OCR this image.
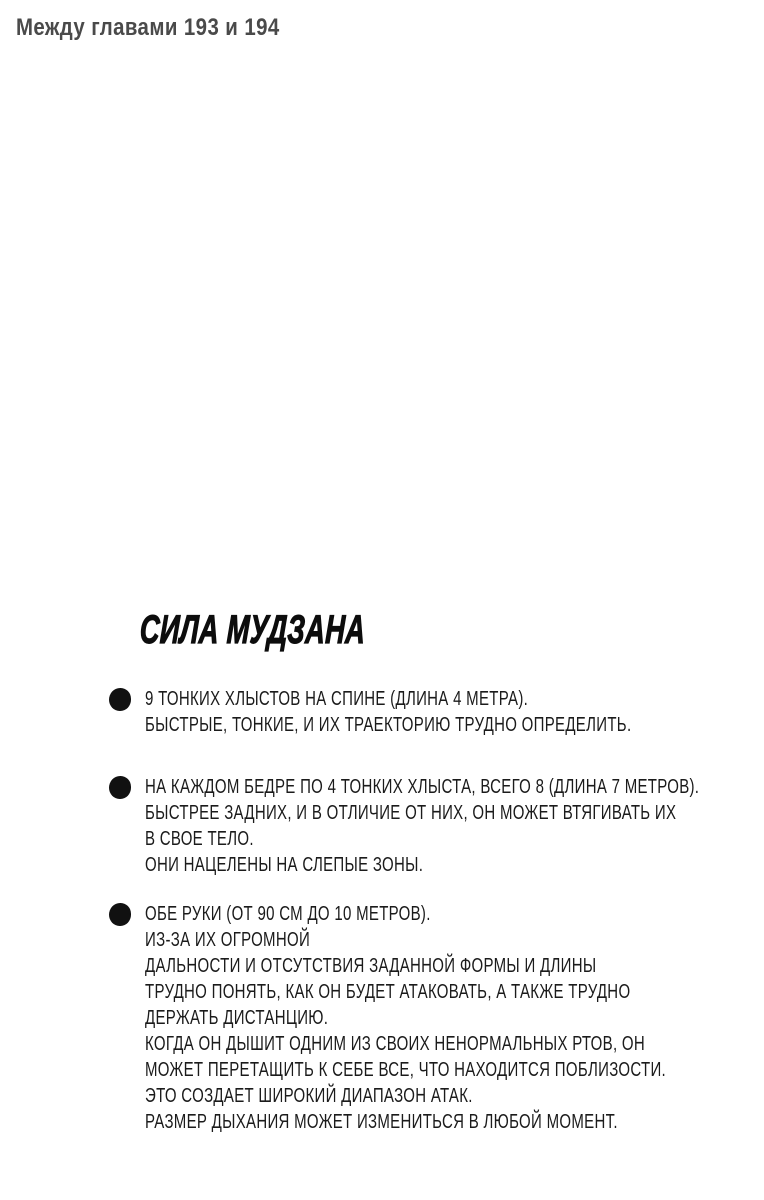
Между главами 193 и 194
СИЛА МУДЗАНА
9 ТОНКИХ ХЛЫСТОВ НА СПИНЕ (ДЛИНА 4 МЕТРА).
БЫСТРЫЕ, ТОНКИЕ, И ИХ ТРАЕКТОРИЮ ТРУДНО ОПРЕДЕЛИТЬ.
НА КАЖДОМ БЕДРЕ ПО 4 ТОНКИХ ХЛЫСТА, ВСЕГО 8 (ДЛИНА 7 МЕТРОВ).
БЫСТРЕЕ ЗАДНИХ, И В ОТЛИЧИЕ ОТ НИХ, ОН МОЖЕТ ВТЯГИВАТЬ ИХ
В СВОЕ ТЕЛО.
ОНИ НАЦЕЛЕНЫ НА СЛЕПЫЕ ЗОНЫ.
ОБЕ РУКИ (ОТ 90 СМ ДО 10 МЕТРОВ).
ИЗ-ЗА ИХ ОГРОМНОЙ
ДАЛЬНОСТИ И ОТСУТСТВИЯ ЗАДАННОЙ ФОРМЫ И ДЛИНЫ
ТРУДНО ПОНЯТЬ, КАК ОН БУДЕТ АТАКОВАТЬ, А ТАКЖЕ ТРУДНО
ДЕРЖАТЬ ДИСТАНЦИЮ.
КОГДА ОН ДЫШИТ ОДНИМ ИЗ СВОИХ НЕНОРМАЛЬНЫХ РТОВ, ОН
МОЖЕТ ПЕРЕТАЩИТЬ К СЕБЕ ВСЕ, ЧТО НАХОДИТСЯ ПОБЛИЗОСТИ.
ЭТО СОЗДАЕТ ШИРОКИЙ ДИАПАЗОН АТАК.
РАЗМЕР ДЫХАНИЯ МОЖЕТ ИЗМЕНИТЬСЯ В ЛЮБОЙ МОМЕНТ.
